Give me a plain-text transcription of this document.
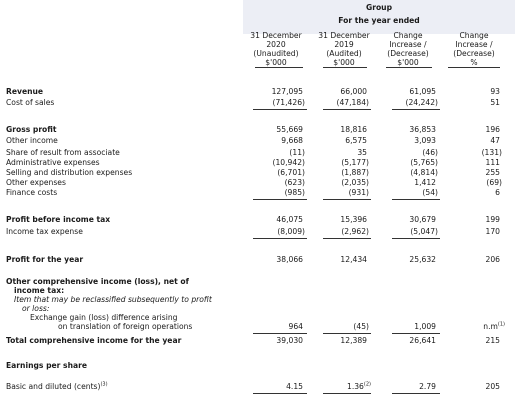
Group
For the year ended
31 December
2020
(Unaudited)
$'000
31 December
2019
(Audited)
$'000
Change
Increase /
(Decrease)
$'000
Change
Increase /
(Decrease)
%
Revenue	127,095	66,000	61,095	93
Cost of sales	(71,426)	(47,184)	(24,242)	51
Gross profit	55,669	18,816	36,853	196
Other income	9,668	6,575	3,093	47
Share of result from associate	(11)	35	(46)	(131)
Administrative expenses	(10,942)	(5,177)	(5,765)	111
Selling and distribution expenses	(6,701)	(1,887)	(4,814)	255
Other expenses	(623)	(2,035)	1,412	(69)
Finance costs	(985)	(931)	(54)	6
Profit before income tax	46,075	15,396	30,679	199
Income tax expense	(8,009)	(2,962)	(5,047)	170
Profit for the year	38,066	12,434	25,632	206
Other comprehensive income (loss), net of
income tax:
Item that may be reclassified subsequently to profit
or loss:
Exchange gain (loss) difference arising
on translation of foreign operations	964	(45)	1,009	$n.m^{(1)}$
Total comprehensive income for the year	39,030	12,389	26,641	215
Earnings per share
Basic and diluted (cents)$^{(3)}$	4.15	1.36$^{(2)}$	2.79	205
